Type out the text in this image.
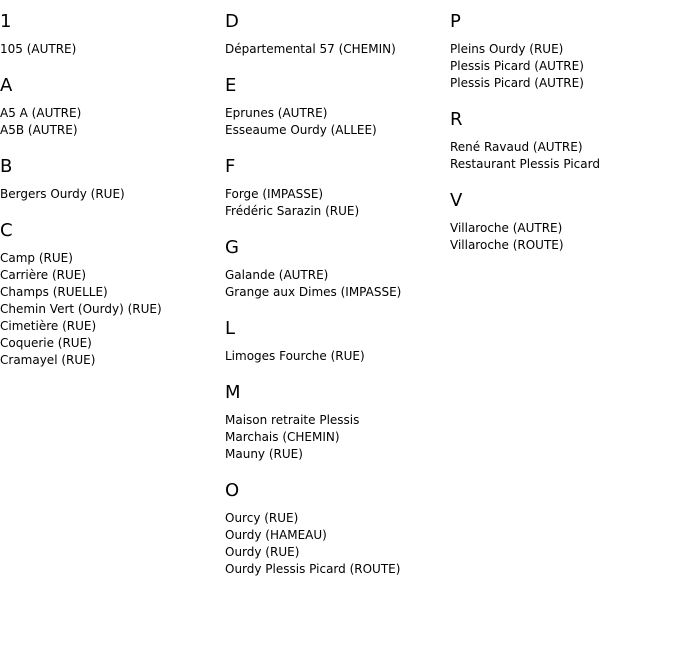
1
105 (AUTRE)
A
A5 A (AUTRE)
A5B (AUTRE)
B
Bergers Ourdy (RUE)
C
Camp (RUE)
Carrière (RUE)
Champs (RUELLE)
Chemin Vert (Ourdy) (RUE)
Cimetière (RUE)
Coquerie (RUE)
Cramayel (RUE)
D
Départemental 57 (CHEMIN)
E
Eprunes (AUTRE)
Esseaume Ourdy (ALLEE)
F
Forge (IMPASSE)
Frédéric Sarazin (RUE)
G
Galande (AUTRE)
Grange aux Dimes (IMPASSE)
L
Limoges Fourche (RUE)
M
Maison retraite Plessis
Marchais (CHEMIN)
Mauny (RUE)
O
Ourcy (RUE)
Ourdy (HAMEAU)
Ourdy (RUE)
Ourdy Plessis Picard (ROUTE)
P
Pleins Ourdy (RUE)
Plessis Picard (AUTRE)
Plessis Picard (AUTRE)
R
René Ravaud (AUTRE)
Restaurant Plessis Picard
V
Villaroche (AUTRE)
Villaroche (ROUTE)
